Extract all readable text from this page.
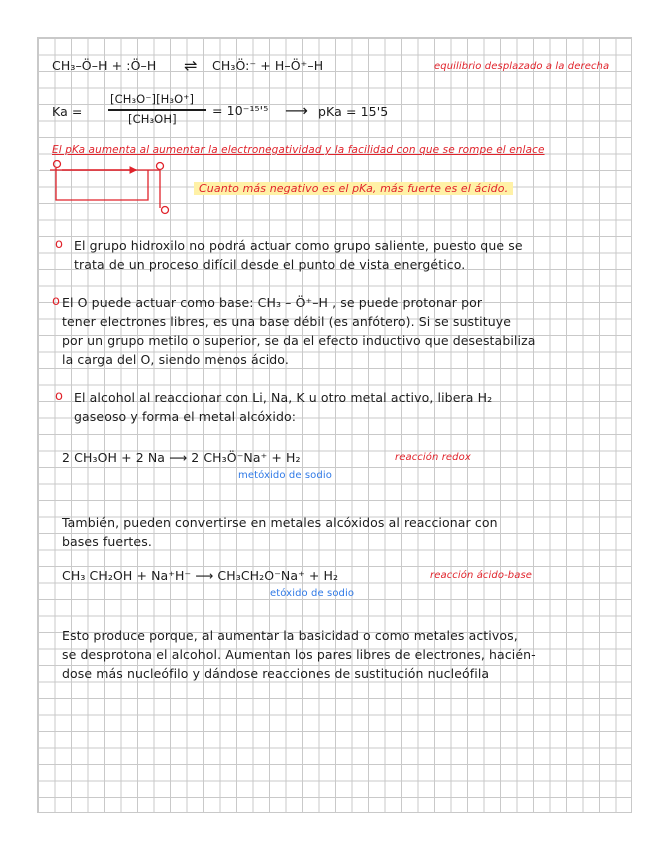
CH₃–Ö–H + :Ö–H ⇌ CH₃Ö:⁻ + H–Ö⁺–H	equilibrio desplazado a la derecha
Ka =
[CH₃O⁻][H₃O⁺]
[CH₃OH]
= 10⁻¹⁵'⁵ ⟶ pKa = 15'5
El pKa aumenta al aumentar la electronegatividad y la facilidad con que se rompe el enlace
Cuanto más negativo es el pKa, más fuerte es el ácido.
o El grupo hidroxilo no podrá actuar como grupo saliente, puesto que se
trata de un proceso difícil desde el punto de vista energético.
o El O puede actuar como base: CH₃ – Ö⁺–H , se puede protonar por
tener electrones libres, es una base débil (es anfótero). Si se sustituye
por un grupo metilo o superior, se da el efecto inductivo que desestabiliza
la carga del O, siendo menos ácido.
o El alcohol al reaccionar con Li, Na, K u otro metal activo, libera H₂
gaseoso y forma el metal alcóxido:
2 CH₃OH + 2 Na ⟶ 2 CH₃Ö⁻Na⁺ + H₂	reacción redox
metóxido de sodio
También, pueden convertirse en metales alcóxidos al reaccionar con
bases fuertes.
CH₃ CH₂OH + Na⁺H⁻ ⟶ CH₃CH₂O⁻Na⁺ + H₂	reacción ácido-base
etóxido de sodio
Esto produce porque, al aumentar la basicidad o como metales activos,
se desprotona el alcohol. Aumentan los pares libres de electrones, hacién-
dose más nucleófilo y dándose reacciones de sustitución nucleófila
